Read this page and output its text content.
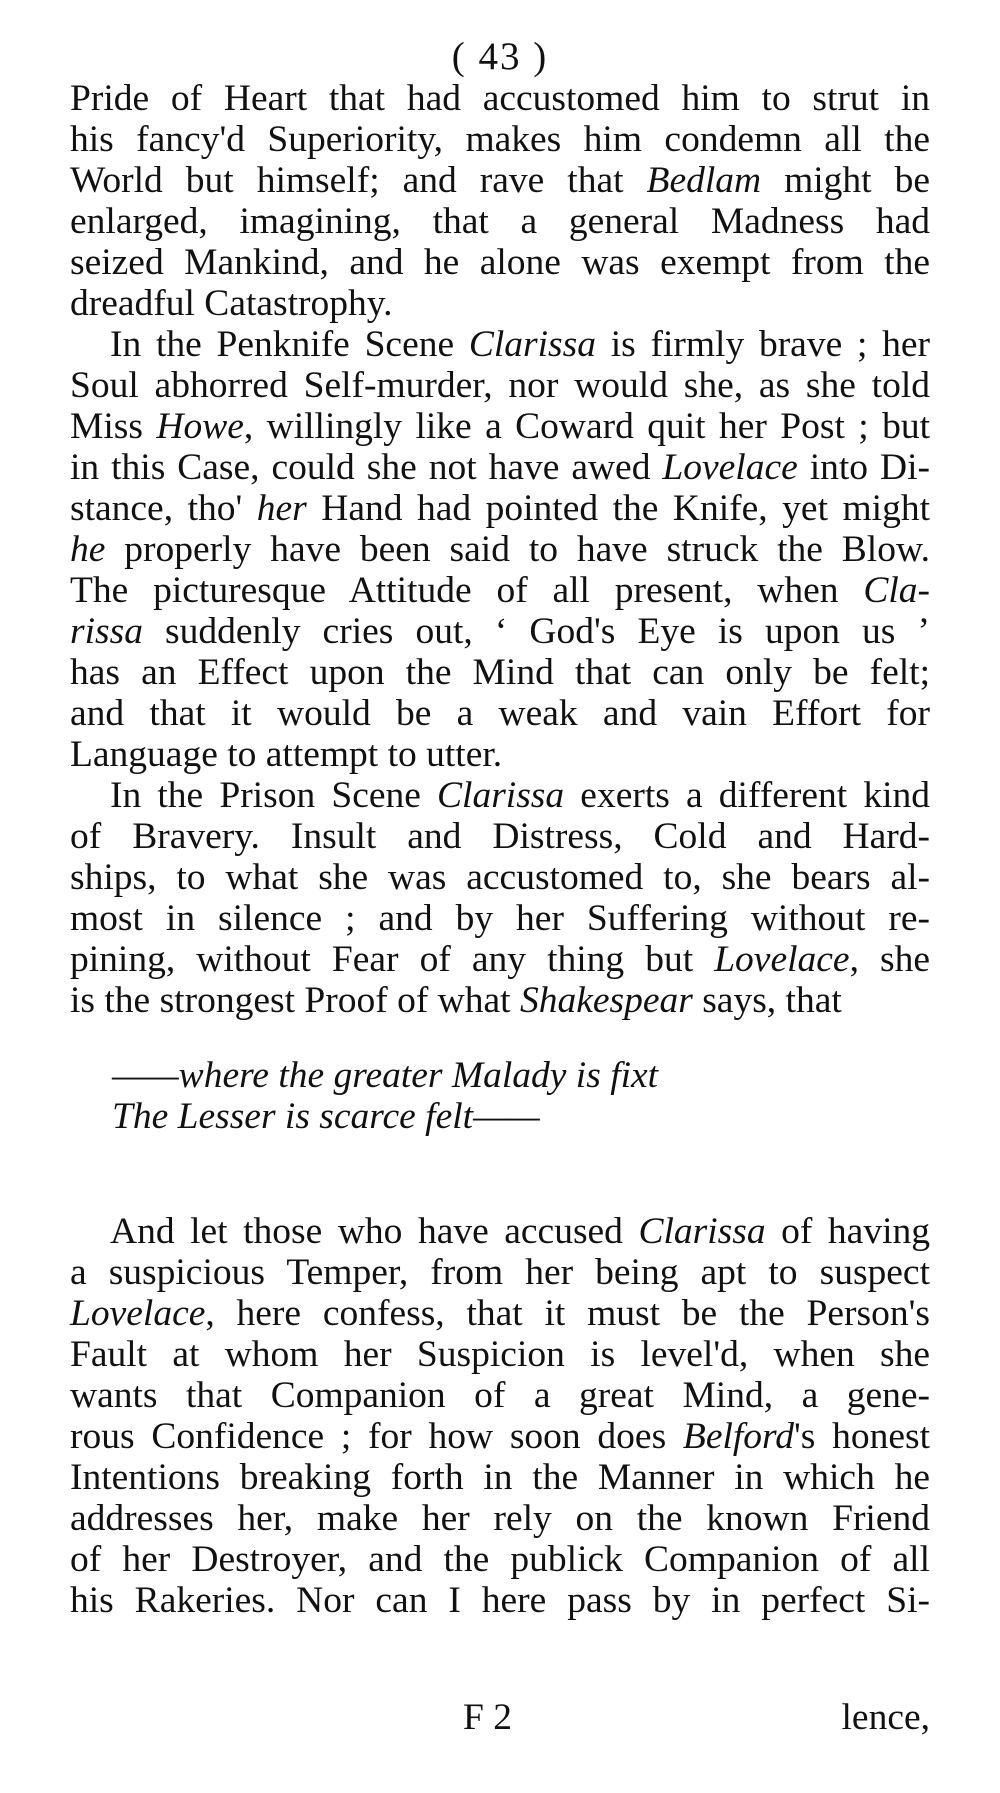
( 43 )
Pride of Heart that had accustomed him to strut in
his fancy'd Superiority, makes him condemn all the
World but himself; and rave that Bedlam might be
enlarged, imagining, that a general Madness had
seized Mankind, and he alone was exempt from the
dreadful Catastrophy.
In the Penknife Scene Clarissa is firmly brave ; her
Soul abhorred Self-murder, nor would she, as she told
Miss Howe, willingly like a Coward quit her Post ; but
in this Case, could she not have awed Lovelace into Di-
stance, tho' her Hand had pointed the Knife, yet might
he properly have been said to have struck the Blow.
The picturesque Attitude of all present, when Cla-
rissa suddenly cries out, ‘ God's Eye is upon us ’
has an Effect upon the Mind that can only be felt;
and that it would be a weak and vain Effort for
Language to attempt to utter.
In the Prison Scene Clarissa exerts a different kind
of Bravery. Insult and Distress, Cold and Hard-
ships, to what she was accustomed to, she bears al-
most in silence ; and by her Suffering without re-
pining, without Fear of any thing but Lovelace, she
is the strongest Proof of what Shakespear says, that
——where the greater Malady is fixt
The Lesser is scarce felt——
And let those who have accused Clarissa of having
a suspicious Temper, from her being apt to suspect
Lovelace, here confess, that it must be the Person's
Fault at whom her Suspicion is level'd, when she
wants that Companion of a great Mind, a gene-
rous Confidence ; for how soon does Belford's honest
Intentions breaking forth in the Manner in which he
addresses her, make her rely on the known Friend
of her Destroyer, and the publick Companion of all
his Rakeries. Nor can I here pass by in perfect Si-
F 2	lence,
